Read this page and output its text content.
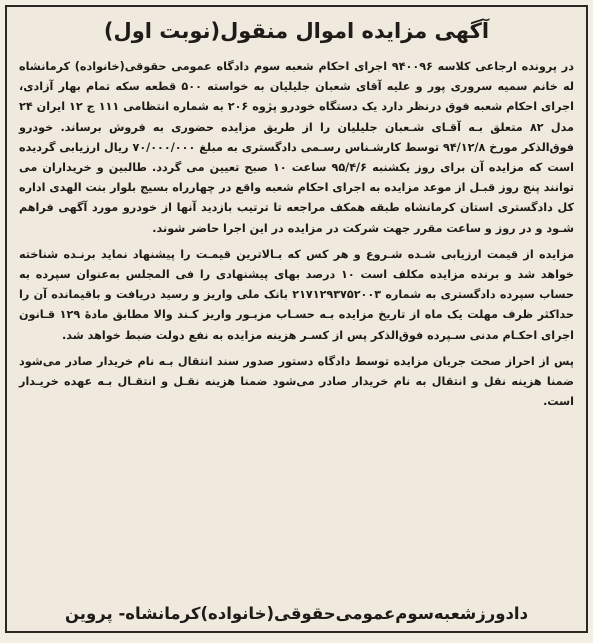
آگهی مزایده اموال منقول(نوبت اول)

در پرونده ارجاعی کلاسه ۹۴۰۰۹۶ اجرای احکام شعبه سوم دادگاه عمومی حقوقی(خانواده) کرمانشاه له خانم سمیه سروری پور و علیه آقای شعبان جلیلیان به خواسته ۵۰۰ قطعه سکه تمام بهار آزادی، اجرای احکام شعبه فوق درنظر دارد یک دستگاه خودرو پژوه ۲۰۶ به شماره انتظامی ۱۱۱ ج ۱۲ ایران ۲۴ مدل ۸۲ متعلق بـه آقـای شـعبان جلیلیان را از طریق مزایده حضوری به فروش برساند. خودرو فوق‌الذکر مورخ ۹۴/۱۲/۸ توسط کارشـناس رسـمی دادگستری به مبلغ ۷۰/۰۰۰/۰۰۰ ریال ارزیابی گردیده است که مزایده آن برای روز یکشنبه ۹۵/۴/۶ ساعت ۱۰ صبح تعیین می گردد. طالبین و خریداران می توانند پنج روز قبـل از موعد مزایده به اجرای احکام شعبه واقع در چهارراه بسیج بلوار بنت الهدی اداره کل دادگستری استان کرمانشاه طبقه همکف مراجعه تا ترتیب بازدید آنها از خودرو مورد آگهی فراهم شـود و در روز و ساعت مقرر جهت شرکت در مزایده در این اجرا حاضر شوند.

مزایده از قیمت ارزیابی شـده شـروع و هر کس که بـالاترین قیمـت را پیشنهاد نماید برنـده شناخته خواهد شد و برنده مزایده مکلف است ۱۰ درصد بهای پیشنهادی را فی المجلس به‌عنوان سپرده به حساب سپرده دادگستری به شماره ۲۱۷۱۲۹۳۷۵۲۰۰۳ بانک ملی واریز و رسید دریافت و باقیمانده آن را حداکثر ظرف مهلت یک ماه از تاریخ مزایده بـه حسـاب مزبـور واریز کـند والا مطابق مادهٔ ۱۲۹ قـانون اجرای احکـام مدنی سـپرده فوق‌الذکر پس از کسـر هزینه مزایده به نفع دولت ضبط خواهد شد.

پس از احراز صحت جریان مزایده توسط دادگاه دستور صدور سند انتقال بـه نام خریدار صادر می‌شود ضمنا هزینه نقل و انتقال به نام خریدار صادر می‌شود ضمنا هزینه نقـل و انتقـال بـه عهده خریـدار است.

دادورزشعبه‌سوم‌عمومی‌حقوقی(خانواده)کرمانشاه- پروین
